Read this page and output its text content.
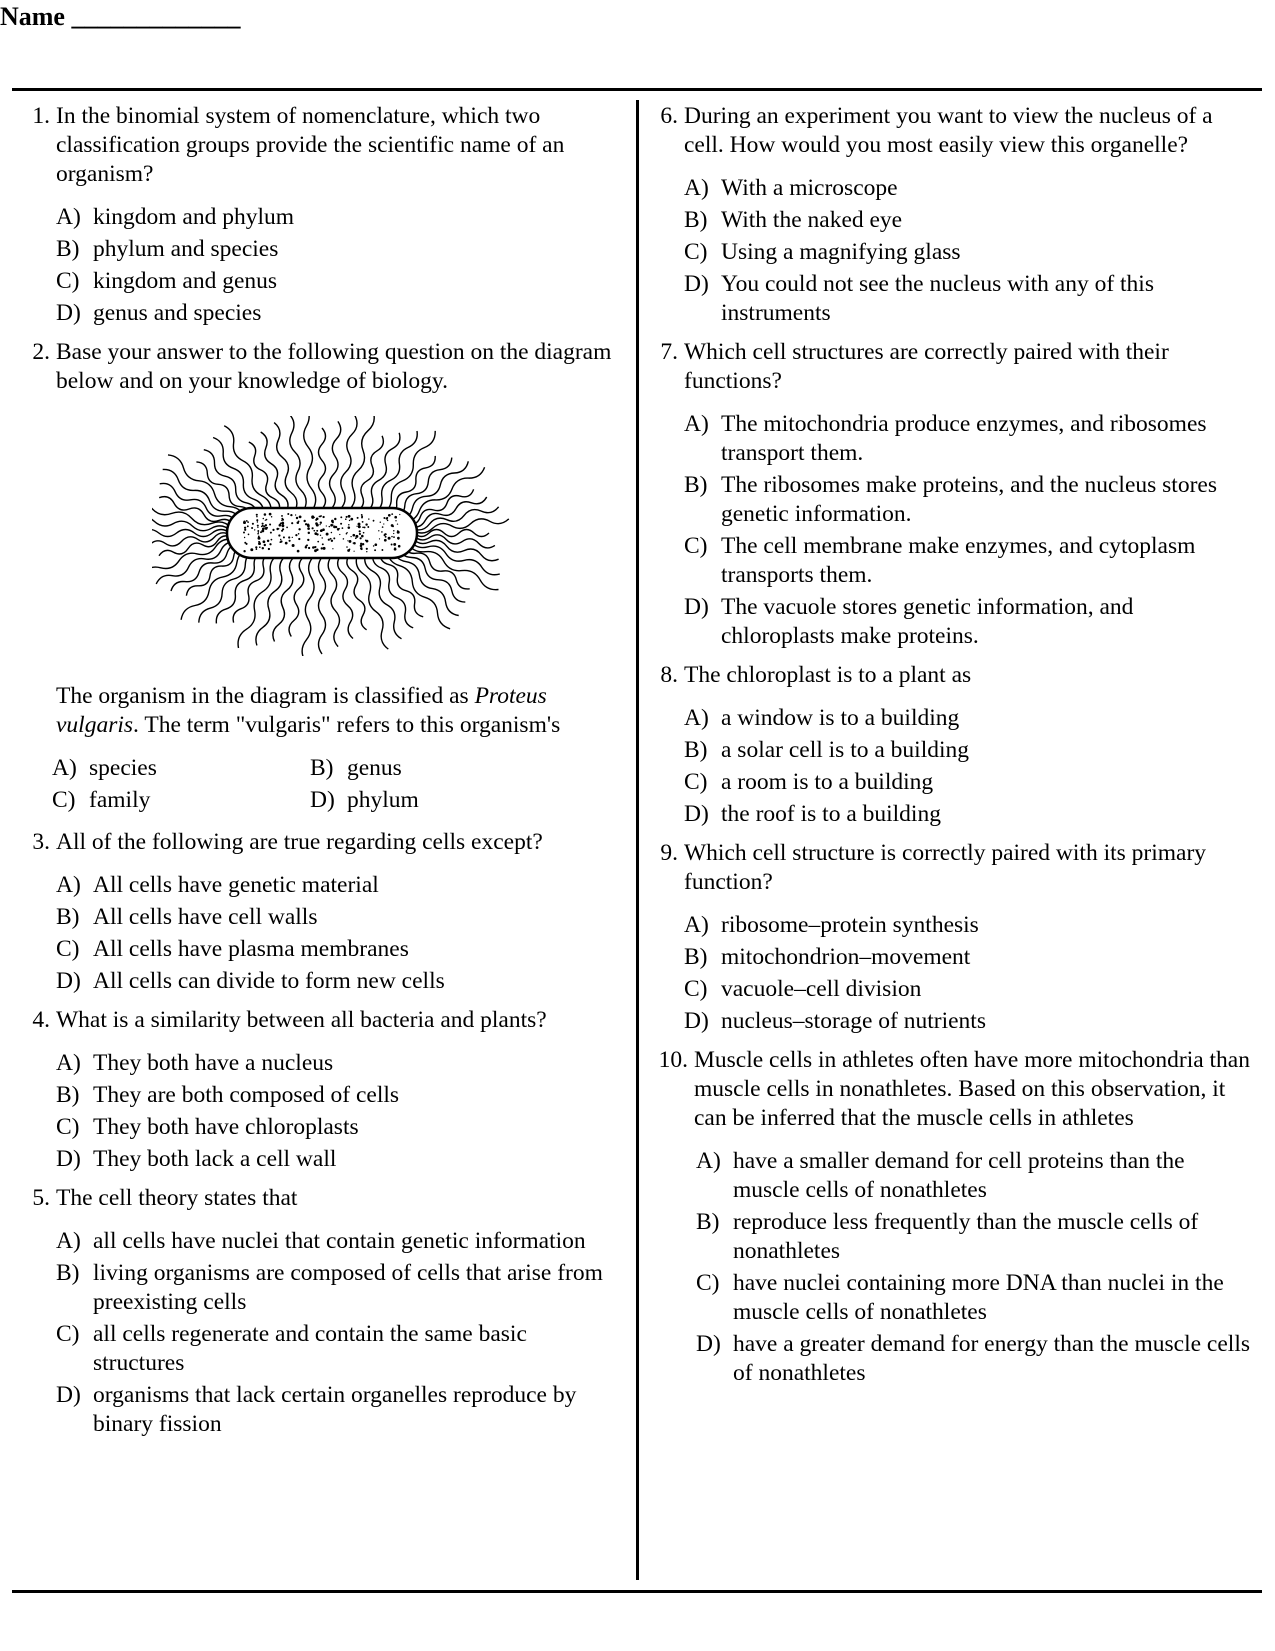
Name _____________
1. In the binomial system of nomenclature, which two classification groups provide the scientific name of an organism?
A) kingdom and phylum
B) phylum and species
C) kingdom and genus
D) genus and species
2. Base your answer to the following question on the diagram below and on your knowledge of biology.
The organism in the diagram is classified as Proteus vulgaris. The term "vulgaris" refers to this organism's
A) species	B) genus
C) family	D) phylum
3. All of the following are true regarding cells except?
A) All cells have genetic material
B) All cells have cell walls
C) All cells have plasma membranes
D) All cells can divide to form new cells
4. What is a similarity between all bacteria and plants?
A) They both have a nucleus
B) They are both composed of cells
C) They both have chloroplasts
D) They both lack a cell wall
5. The cell theory states that
A) all cells have nuclei that contain genetic information
B) living organisms are composed of cells that arise from preexisting cells
C) all cells regenerate and contain the same basic structures
D) organisms that lack certain organelles reproduce by binary fission
6. During an experiment you want to view the nucleus of a cell. How would you most easily view this organelle?
A) With a microscope
B) With the naked eye
C) Using a magnifying glass
D) You could not see the nucleus with any of this instruments
7. Which cell structures are correctly paired with their functions?
A) The mitochondria produce enzymes, and ribosomes transport them.
B) The ribosomes make proteins, and the nucleus stores genetic information.
C) The cell membrane make enzymes, and cytoplasm transports them.
D) The vacuole stores genetic information, and chloroplasts make proteins.
8. The chloroplast is to a plant as
A) a window is to a building
B) a solar cell is to a building
C) a room is to a building
D) the roof is to a building
9. Which cell structure is correctly paired with its primary function?
A) ribosome–protein synthesis
B) mitochondrion–movement
C) vacuole–cell division
D) nucleus–storage of nutrients
10. Muscle cells in athletes often have more mitochondria than muscle cells in nonathletes. Based on this observation, it can be inferred that the muscle cells in athletes
A) have a smaller demand for cell proteins than the muscle cells of nonathletes
B) reproduce less frequently than the muscle cells of nonathletes
C) have nuclei containing more DNA than nuclei in the muscle cells of nonathletes
D) have a greater demand for energy than the muscle cells of nonathletes
